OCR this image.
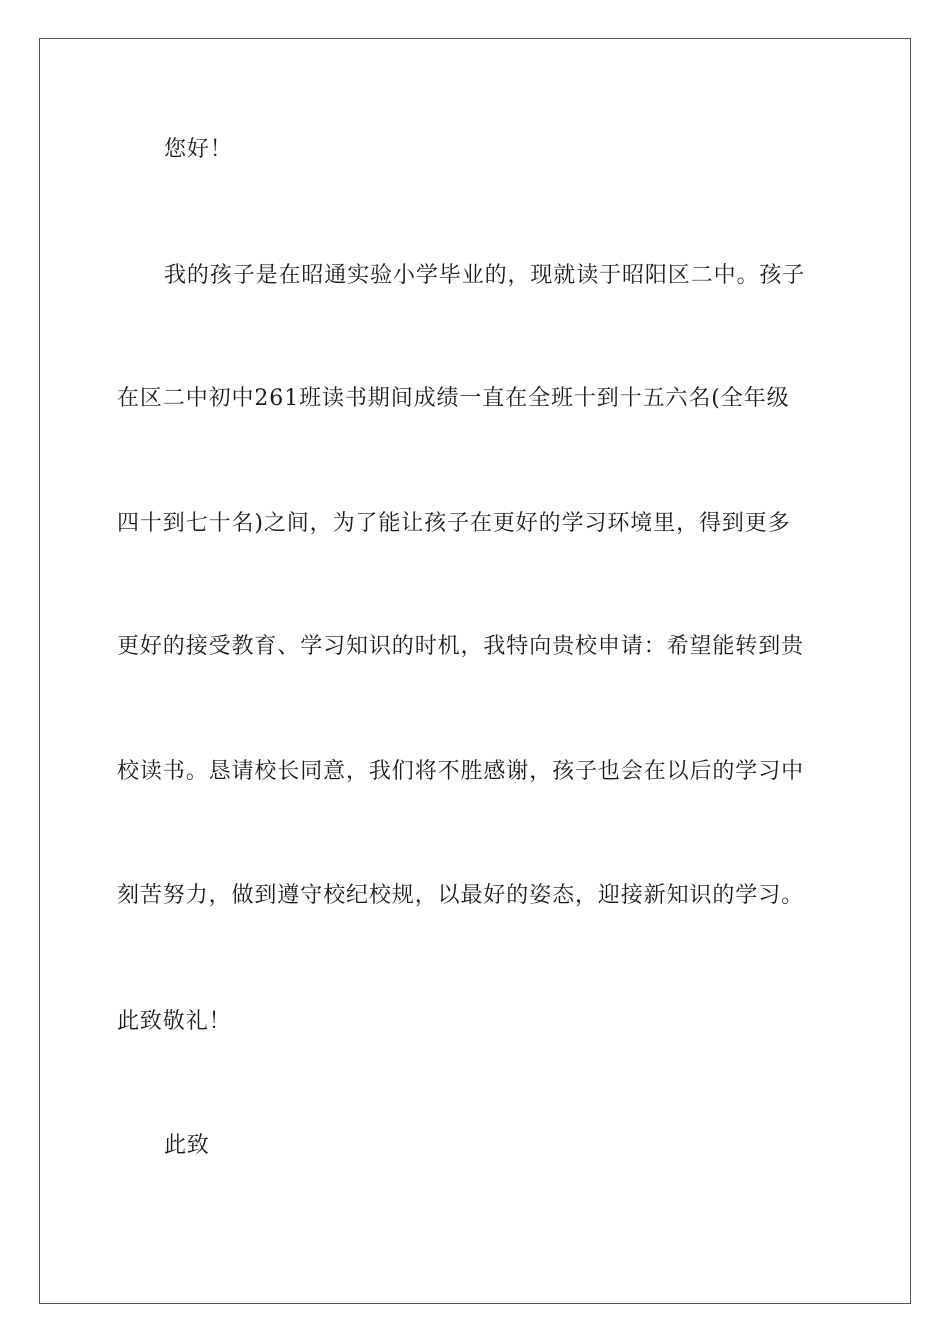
您好！
我的孩子是在昭通实验小学毕业的，现就读于昭阳区二中。孩子
在区二中初中261班读书期间成绩一直在全班十到十五六名(全年级
四十到七十名)之间，为了能让孩子在更好的学习环境里，得到更多
更好的接受教育、学习知识的时机，我特向贵校申请：希望能转到贵
校读书。恳请校长同意，我们将不胜感谢，孩子也会在以后的学习中
刻苦努力，做到遵守校纪校规，以最好的姿态，迎接新知识的学习。
此致敬礼！
此致
